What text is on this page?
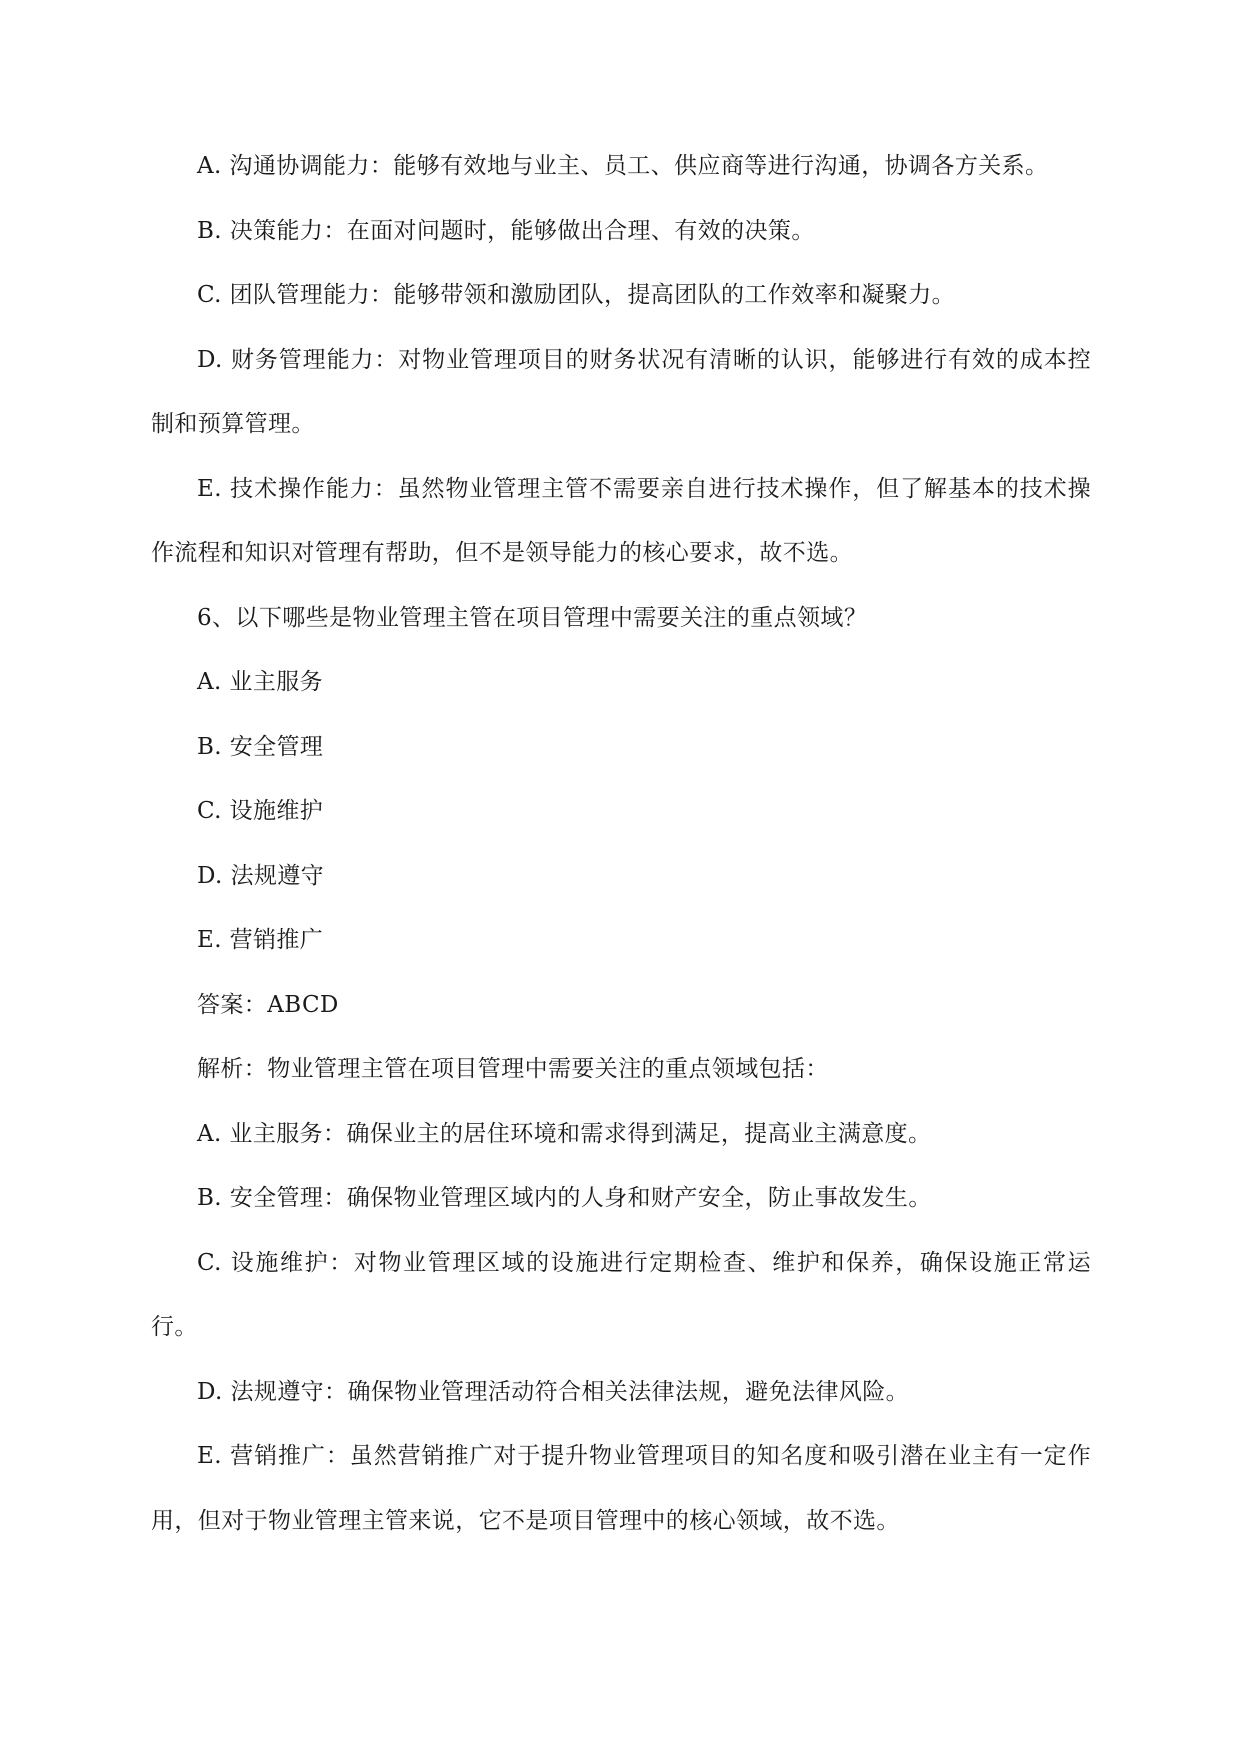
A. 沟通协调能力：能够有效地与业主、员工、供应商等进行沟通，协调各方关系。

B. 决策能力：在面对问题时，能够做出合理、有效的决策。

C. 团队管理能力：能够带领和激励团队，提高团队的工作效率和凝聚力。

D. 财务管理能力：对物业管理项目的财务状况有清晰的认识，能够进行有效的成本控制和预算管理。

E. 技术操作能力：虽然物业管理主管不需要亲自进行技术操作，但了解基本的技术操作流程和知识对管理有帮助，但不是领导能力的核心要求，故不选。

6、以下哪些是物业管理主管在项目管理中需要关注的重点领域？

A. 业主服务

B. 安全管理

C. 设施维护

D. 法规遵守

E. 营销推广

答案：ABCD

解析：物业管理主管在项目管理中需要关注的重点领域包括：

A. 业主服务：确保业主的居住环境和需求得到满足，提高业主满意度。

B. 安全管理：确保物业管理区域内的人身和财产安全，防止事故发生。

C. 设施维护：对物业管理区域的设施进行定期检查、维护和保养，确保设施正常运行。

D. 法规遵守：确保物业管理活动符合相关法律法规，避免法律风险。

E. 营销推广：虽然营销推广对于提升物业管理项目的知名度和吸引潜在业主有一定作用，但对于物业管理主管来说，它不是项目管理中的核心领域，故不选。
